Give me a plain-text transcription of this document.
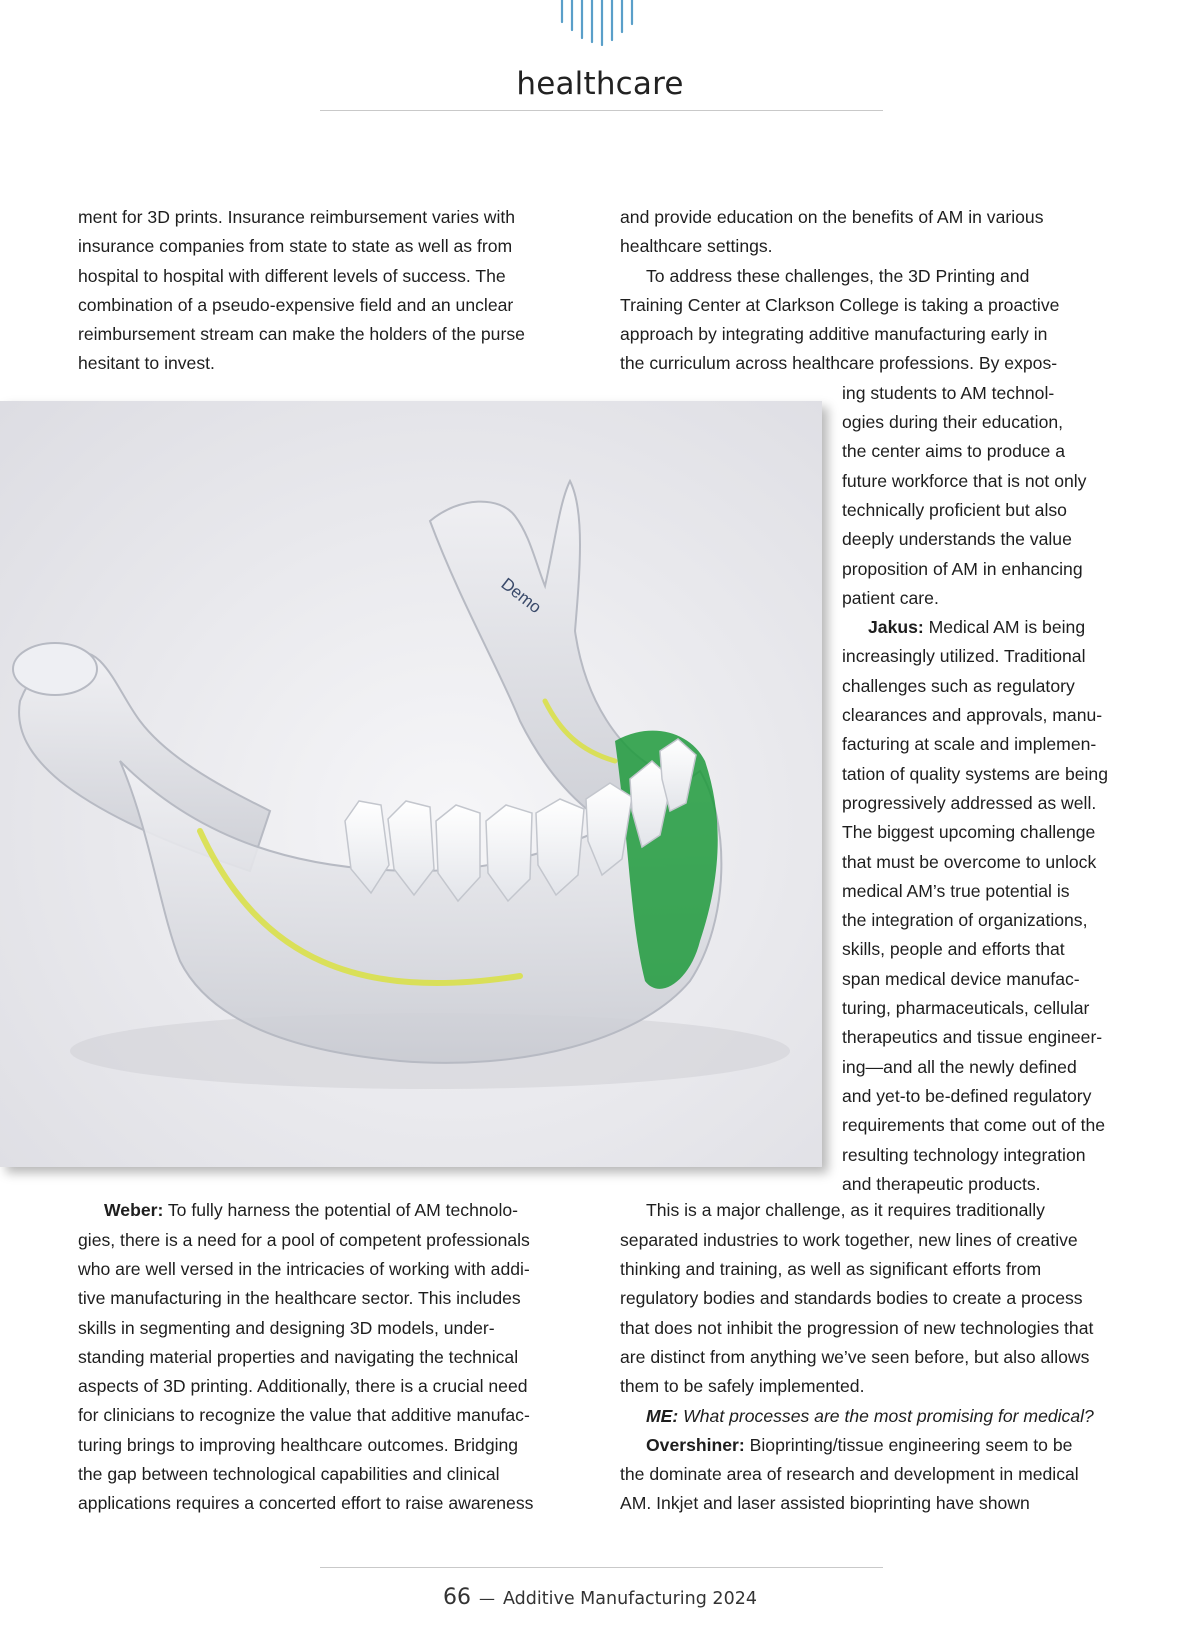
healthcare

ment for 3D prints. Insurance reimbursement varies with
insurance companies from state to state as well as from
hospital to hospital with different levels of success. The
combination of a pseudo-expensive field and an unclear
reimbursement stream can make the holders of the purse
hesitant to invest.

and provide education on the benefits of AM in various
healthcare settings.

To address these challenges, the 3D Printing and
Training Center at Clarkson College is taking a proactive
approach by integrating additive manufacturing early in
the curriculum across healthcare professions. By expos-

ing students to AM technol-
ogies during their education,
the center aims to produce a
future workforce that is not only
technically proficient but also
deeply understands the value
proposition of AM in enhancing
patient care.

Jakus: Medical AM is being
increasingly utilized. Traditional
challenges such as regulatory
clearances and approvals, manu-
facturing at scale and implemen-
tation of quality systems are being
progressively addressed as well.
The biggest upcoming challenge
that must be overcome to unlock
medical AM’s true potential is
the integration of organizations,
skills, people and efforts that
span medical device manufac-
turing, pharmaceuticals, cellular
therapeutics and tissue engineer-
ing—and all the newly defined
and yet-to be-defined regulatory
requirements that come out of the
resulting technology integration
and therapeutic products.

Demo

Weber: To fully harness the potential of AM technolo-
gies, there is a need for a pool of competent professionals
who are well versed in the intricacies of working with addi-
tive manufacturing in the healthcare sector. This includes
skills in segmenting and designing 3D models, under-
standing material properties and navigating the technical
aspects of 3D printing. Additionally, there is a crucial need
for clinicians to recognize the value that additive manufac-
turing brings to improving healthcare outcomes. Bridging
the gap between technological capabilities and clinical
applications requires a concerted effort to raise awareness

This is a major challenge, as it requires traditionally
separated industries to work together, new lines of creative
thinking and training, as well as significant efforts from
regulatory bodies and standards bodies to create a process
that does not inhibit the progression of new technologies that
are distinct from anything we’ve seen before, but also allows
them to be safely implemented.

ME: What processes are the most promising for medical?

Overshiner: Bioprinting/tissue engineering seem to be
the dominate area of research and development in medical
AM. Inkjet and laser assisted bioprinting have shown

66 — Additive Manufacturing 2024
